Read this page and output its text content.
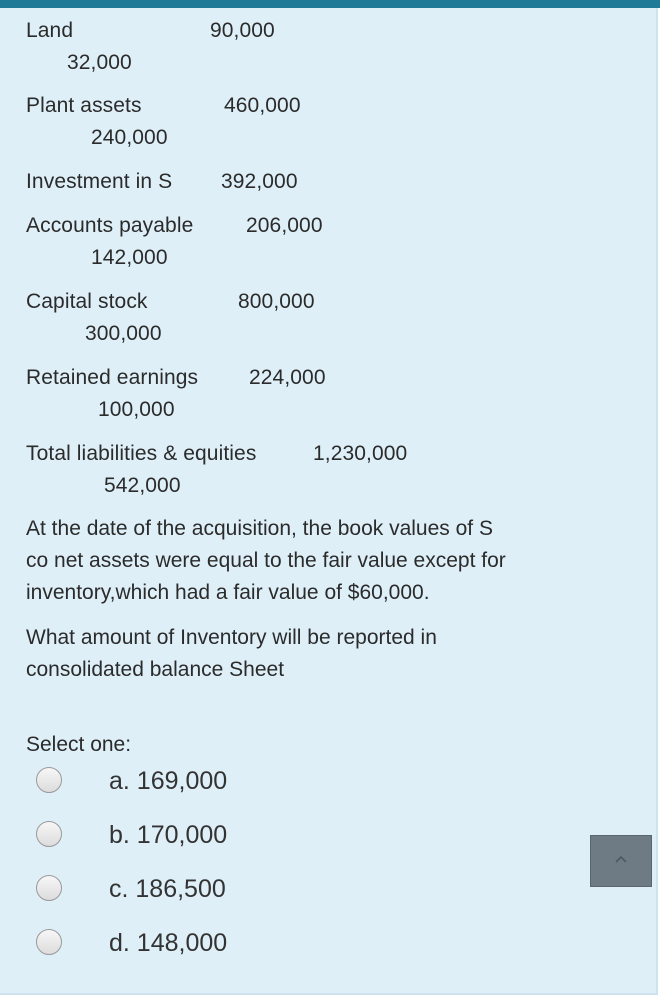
Land	90,000
32,000
Plant assets	460,000
240,000
Investment in S 392,000
Accounts payable	206,000
142,000
Capital stock	800,000
300,000
Retained earnings 224,000
100,000
Total liabilities & equities	1,230,000
542,000
At the date of the acquisition, the book values of S
co net assets were equal to the fair value except for
inventory,which had a fair value of $60,000.
What amount of Inventory will be reported in
consolidated balance Sheet
Select one:
a. 169,000
b. 170,000
c. 186,500
d. 148,000
